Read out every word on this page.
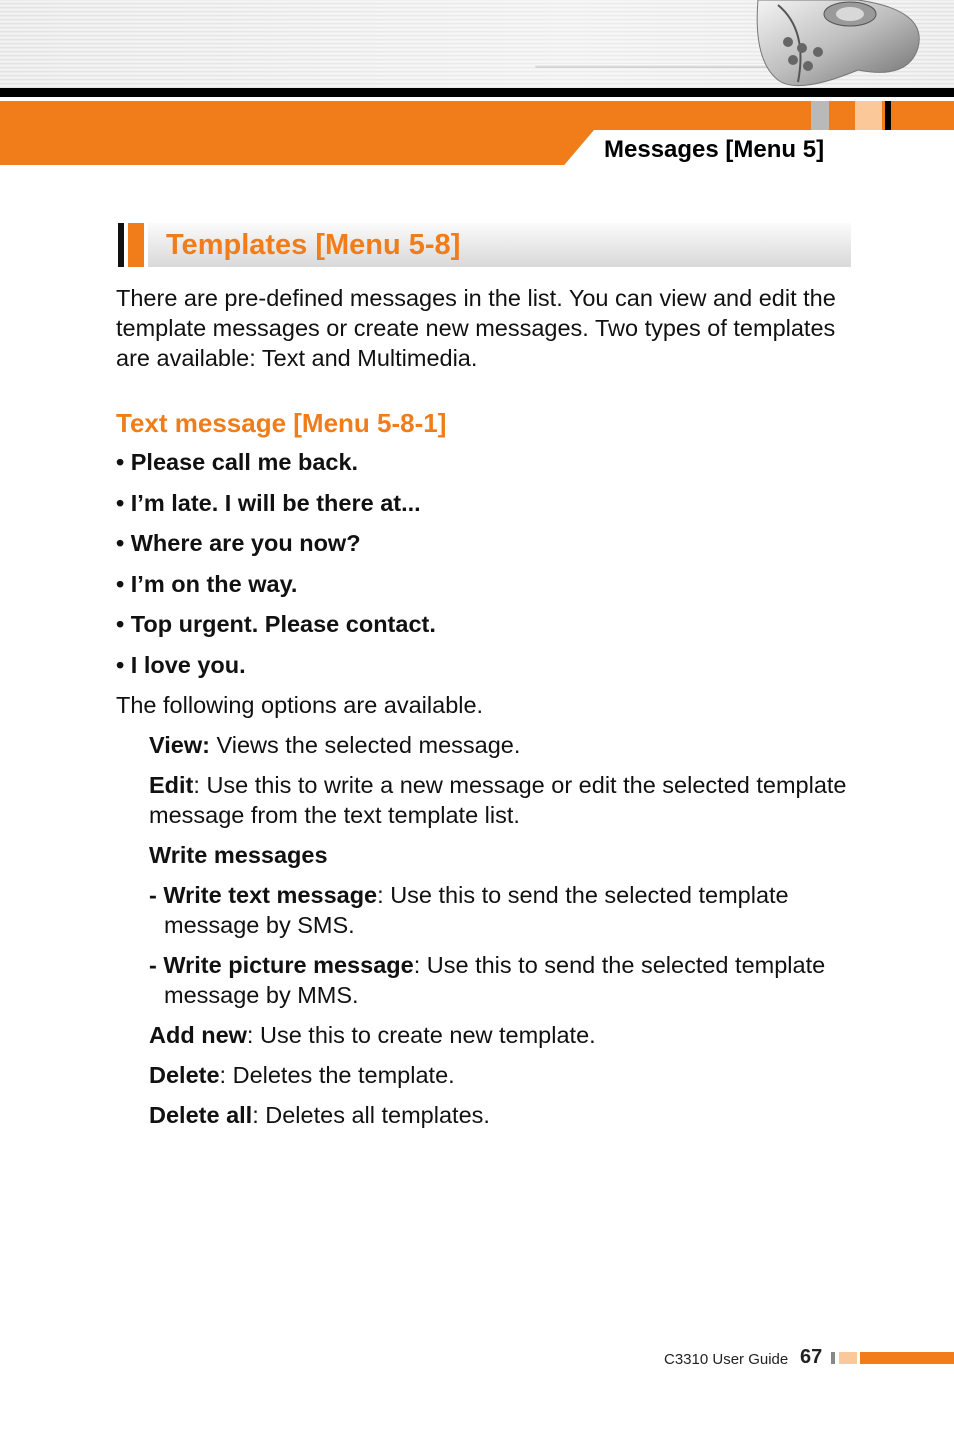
Messages [Menu 5]
Templates [Menu 5-8]

There are pre-defined messages in the list. You can view and edit the template messages or create new messages. Two types of templates are available: Text and Multimedia.

Text message [Menu 5-8-1]
• Please call me back.
• I’m late. I will be there at...
• Where are you now?
• I’m on the way.
• Top urgent. Please contact.
• I love you.

The following options are available.

View: Views the selected message.

Edit: Use this to write a new message or edit the selected template message from the text template list.

Write messages

- Write text message: Use this to send the selected template message by SMS.

- Write picture message: Use this to send the selected template message by MMS.

Add new: Use this to create new template.

Delete: Deletes the template.

Delete all: Deletes all templates.

C3310 User Guide 67
